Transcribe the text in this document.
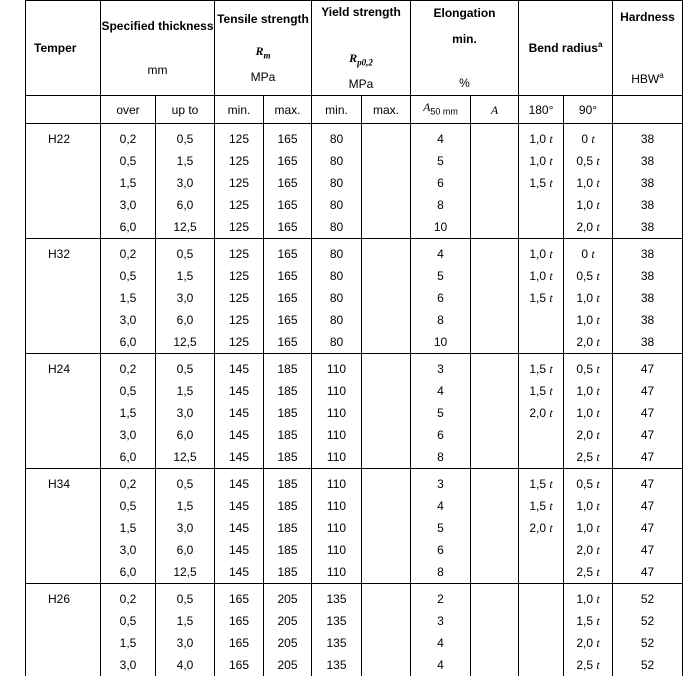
Temper	Specified thickness
mm		Tensile strength
$R_m$
MPa		Yield strength
$R_{p0,2}$
MPa		Elongation
min.
%		Bend radius$^a$		Hardness
HBW$^a$

	over	up to	min.	max.	min.	max.	$A_{50 mm}$	A	180°	90°	
H22	0,2	0,5	125	165	80		4		1,0 t	0 t	38
	0,5	1,5	125	165	80		5		1,0 t	0,5 t	38
	1,5	3,0	125	165	80		6		1,5 t	1,0 t	38
	3,0	6,0	125	165	80		8			1,0 t	38
	6,0	12,5	125	165	80		10			2,0 t	38
H32	0,2	0,5	125	165	80		4		1,0 t	0 t	38
	0,5	1,5	125	165	80		5		1,0 t	0,5 t	38
	1,5	3,0	125	165	80		6		1,5 t	1,0 t	38
	3,0	6,0	125	165	80		8			1,0 t	38
	6,0	12,5	125	165	80		10			2,0 t	38
H24	0,2	0,5	145	185	110		3		1,5 t	0,5 t	47
	0,5	1,5	145	185	110		4		1,5 t	1,0 t	47
	1,5	3,0	145	185	110		5		2,0 t	1,0 t	47
	3,0	6,0	145	185	110		6			2,0 t	47
	6,0	12,5	145	185	110		8			2,5 t	47
H34	0,2	0,5	145	185	110		3		1,5 t	0,5 t	47
	0,5	1,5	145	185	110		4		1,5 t	1,0 t	47
	1,5	3,0	145	185	110		5		2,0 t	1,0 t	47
	3,0	6,0	145	185	110		6			2,0 t	47
	6,0	12,5	145	185	110		8			2,5 t	47
H26	0,2	0,5	165	205	135		2			1,0 t	52
	0,5	1,5	165	205	135		3			1,5 t	52
	1,5	3,0	165	205	135		4			2,0 t	52
	3,0	4,0	165	205	135		4			2,5 t	52
